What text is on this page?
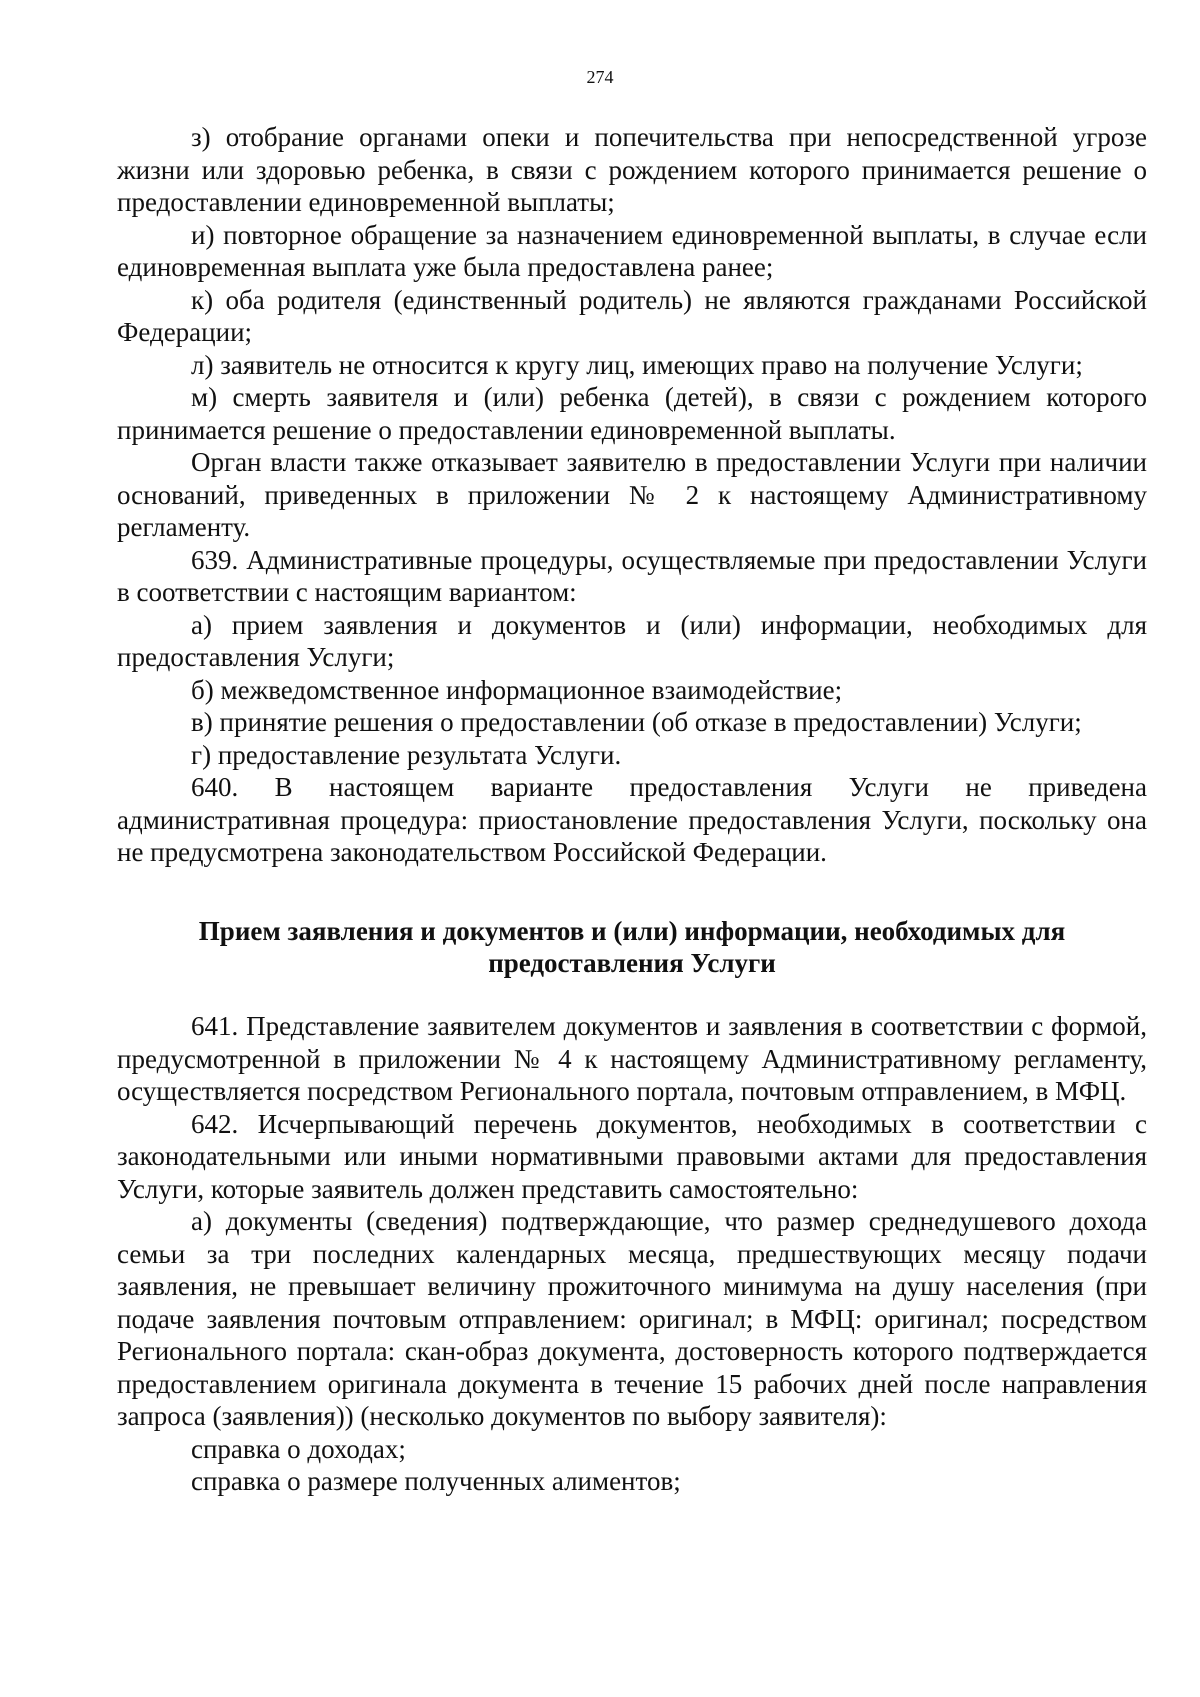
274

з) отобрание органами опеки и попечительства при непосредственной угрозе жизни или здоровью ребенка, в связи с рождением которого принимается решение о предоставлении единовременной выплаты;

и) повторное обращение за назначением единовременной выплаты, в случае если единовременная выплата уже была предоставлена ранее;

к) оба родителя (единственный родитель) не являются гражданами Российской Федерации;

л) заявитель не относится к кругу лиц, имеющих право на получение Услуги;

м) смерть заявителя и (или) ребенка (детей), в связи с рождением которого принимается решение о предоставлении единовременной выплаты.

Орган власти также отказывает заявителю в предоставлении Услуги при наличии оснований, приведенных в приложении № 2 к настоящему Административному регламенту.

639. Административные процедуры, осуществляемые при предоставлении Услуги в соответствии с настоящим вариантом:

а) прием заявления и документов и (или) информации, необходимых для предоставления Услуги;

б) межведомственное информационное взаимодействие;

в) принятие решения о предоставлении (об отказе в предоставлении) Услуги;

г) предоставление результата Услуги.

640. В настоящем варианте предоставления Услуги не приведена административная процедура: приостановление предоставления Услуги, поскольку она не предусмотрена законодательством Российской Федерации.

Прием заявления и документов и (или) информации, необходимых для
предоставления Услуги

641. Представление заявителем документов и заявления в соответствии с формой, предусмотренной в приложении № 4 к настоящему Административному регламенту, осуществляется посредством Регионального портала, почтовым отправлением, в МФЦ.

642. Исчерпывающий перечень документов, необходимых в соответствии с законодательными или иными нормативными правовыми актами для предоставления Услуги, которые заявитель должен представить самостоятельно:

а) документы (сведения) подтверждающие, что размер среднедушевого дохода семьи за три последних календарных месяца, предшествующих месяцу подачи заявления, не превышает величину прожиточного минимума на душу населения (при подаче заявления почтовым отправлением: оригинал; в МФЦ: оригинал; посредством Регионального портала: скан-образ документа, достоверность которого подтверждается предоставлением оригинала документа в течение 15 рабочих дней после направления запроса (заявления)) (несколько документов по выбору заявителя):

справка о доходах;

справка о размере полученных алиментов;
